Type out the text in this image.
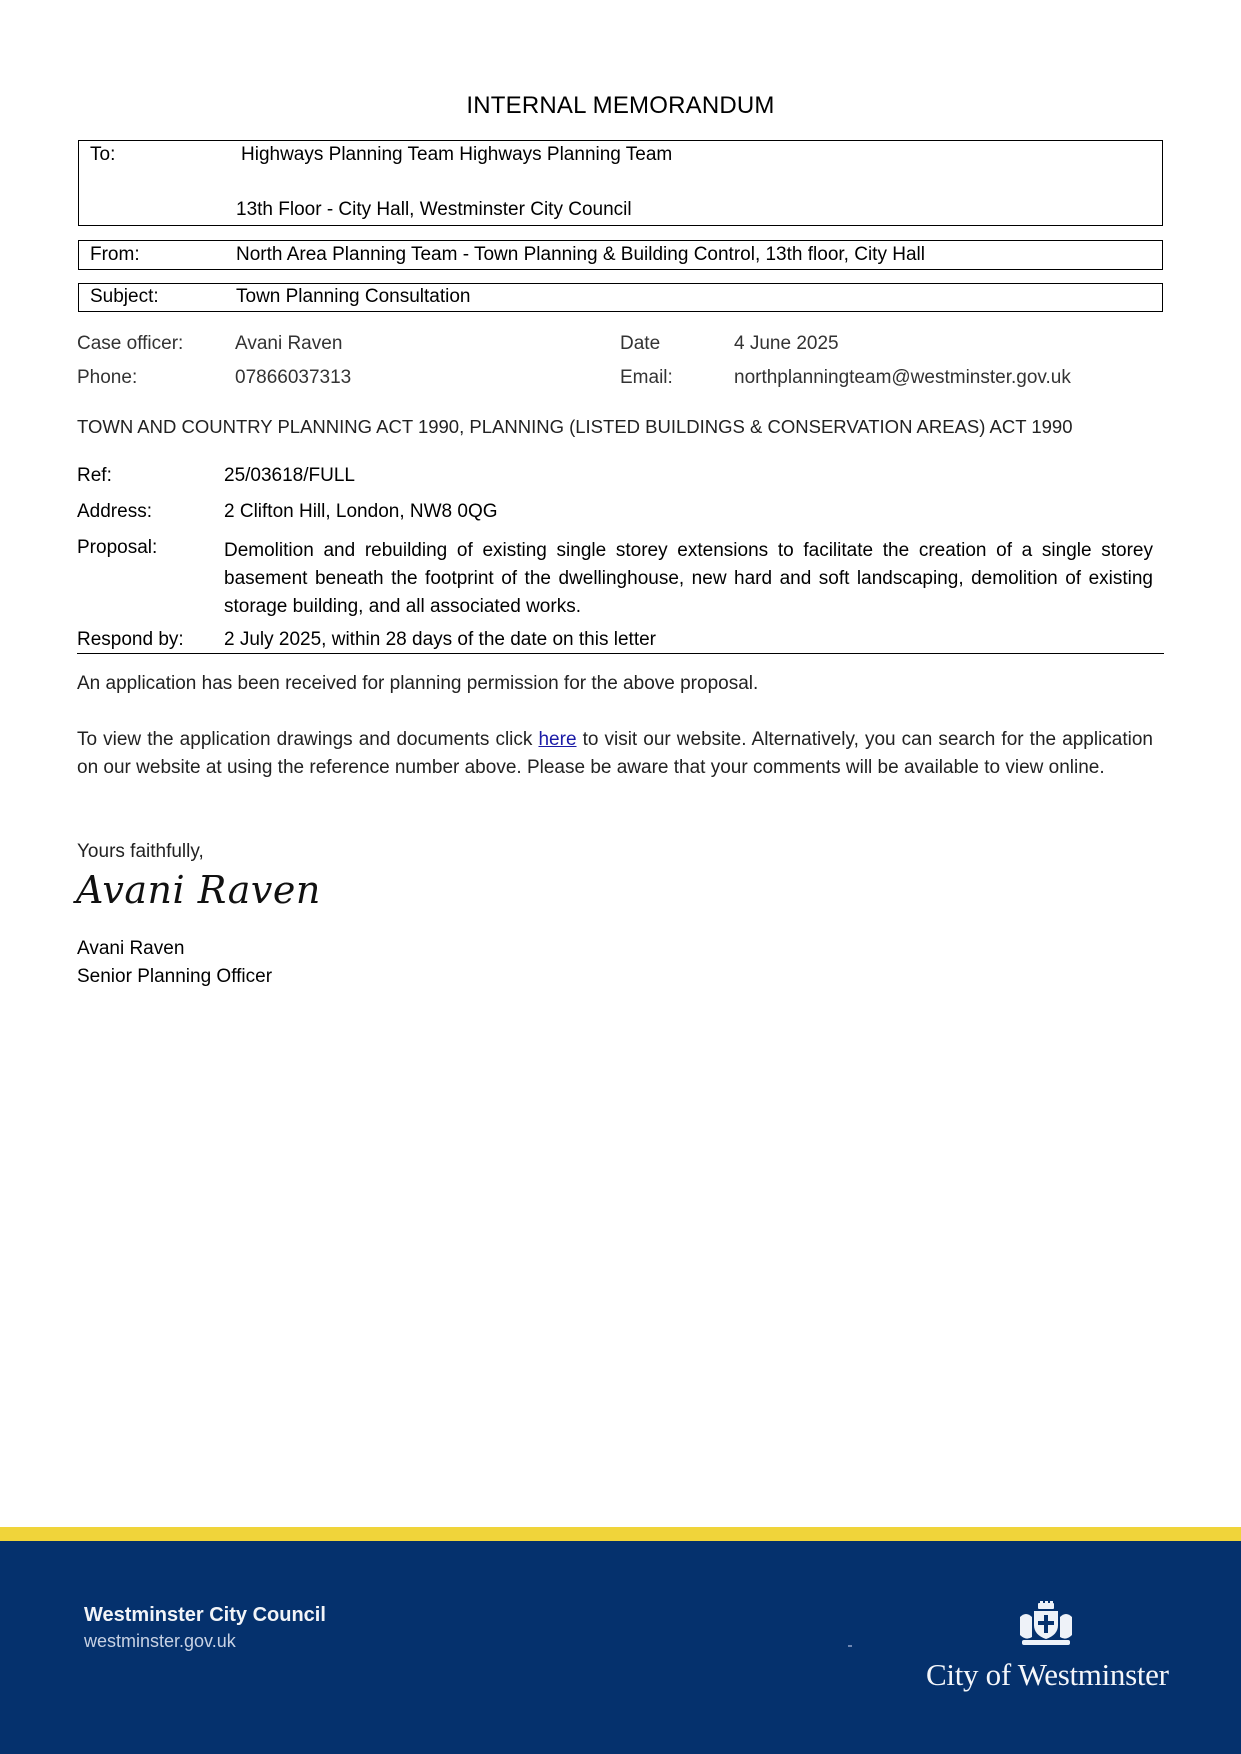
INTERNAL MEMORANDUM
To:	Highways Planning Team Highways Planning Team
13th Floor - City Hall, Westminster City Council
From:	North Area Planning Team - Town Planning & Building Control, 13th floor, City Hall
Subject:	Town Planning Consultation
Case officer:	Avani Raven	Date	4 June 2025
Phone:	07866037313	Email:	northplanningteam@westminster.gov.uk
TOWN AND COUNTRY PLANNING ACT 1990, PLANNING (LISTED BUILDINGS & CONSERVATION AREAS) ACT 1990
Ref:	25/03618/FULL
Address:	2 Clifton Hill, London, NW8 0QG
Proposal:	Demolition and rebuilding of existing single storey extensions to facilitate the creation of a single storey basement beneath the footprint of the dwellinghouse, new hard and soft landscaping, demolition of existing storage building, and all associated works.
Respond by: 2 July 2025, within 28 days of the date on this letter
An application has been received for planning permission for the above proposal.
To view the application drawings and documents click here to visit our website. Alternatively, you can search for the application on our website at using the reference number above. Please be aware that your comments will be available to view online.
Yours faithfully,
Avani Raven
Avani Raven
Senior Planning Officer
Westminster City Council
westminster.gov.uk
City of Westminster
